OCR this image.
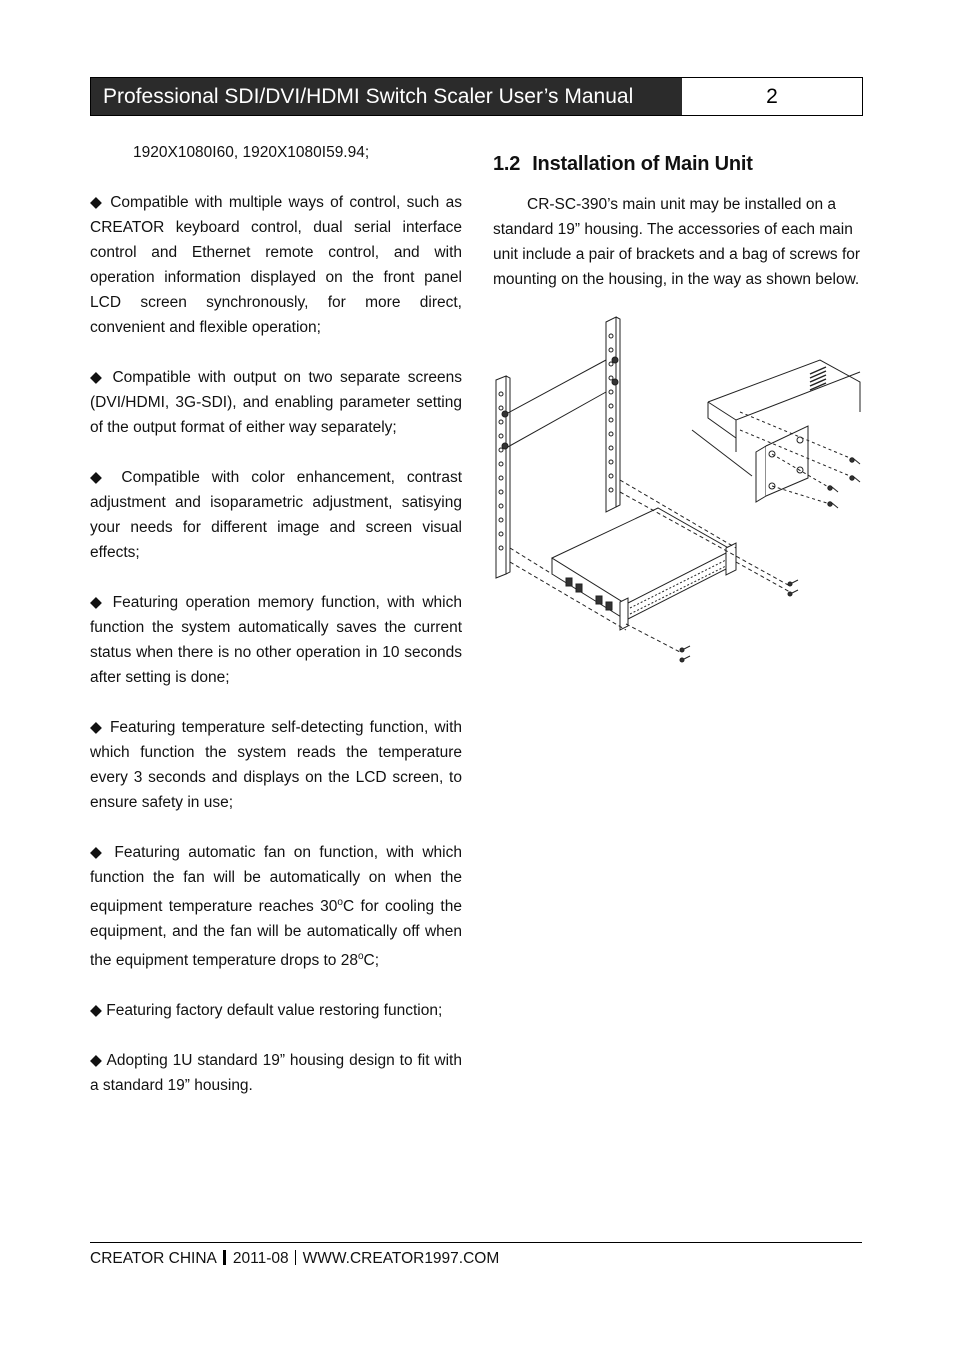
Professional SDI/DVI/HDMI Switch Scaler User’s Manual	2

1920X1080I60, 1920X1080I59.94;

◆ Compatible with multiple ways of control, such as CREATOR keyboard control, dual serial interface control and Ethernet remote control, and with operation information displayed on the front panel LCD screen synchronously, for more direct, convenient and flexible operation;

◆ Compatible with output on two separate screens (DVI/HDMI, 3G-SDI), and enabling parameter setting of the output format of either way separately;

◆ Compatible with color enhancement, contrast adjustment and isoparametric adjustment, satisying your needs for different image and screen visual effects;

◆ Featuring operation memory function, with which function the system automatically saves the current status when there is no other operation in 10 seconds after setting is done;

◆ Featuring temperature self-detecting function, with which function the system reads the temperature every 3 seconds and displays on the LCD screen, to ensure safety in use;

◆ Featuring automatic fan on function, with which function the fan will be automatically on when the equipment temperature reaches 30$^o$C for cooling the equipment, and the fan will be automatically off when the equipment temperature drops to 28$^o$C;

◆ Featuring factory default value restoring function;

◆ Adopting 1U standard 19” housing design to fit with a standard 19” housing.

1.2 Installation of Main Unit

CR-SC-390’s main unit may be installed on a standard 19” housing. The accessories of each main unit include a pair of brackets and a bag of screws for mounting on the housing, in the way as shown below.

CREATOR CHINA 2011-08 WWW.CREATOR1997.COM
